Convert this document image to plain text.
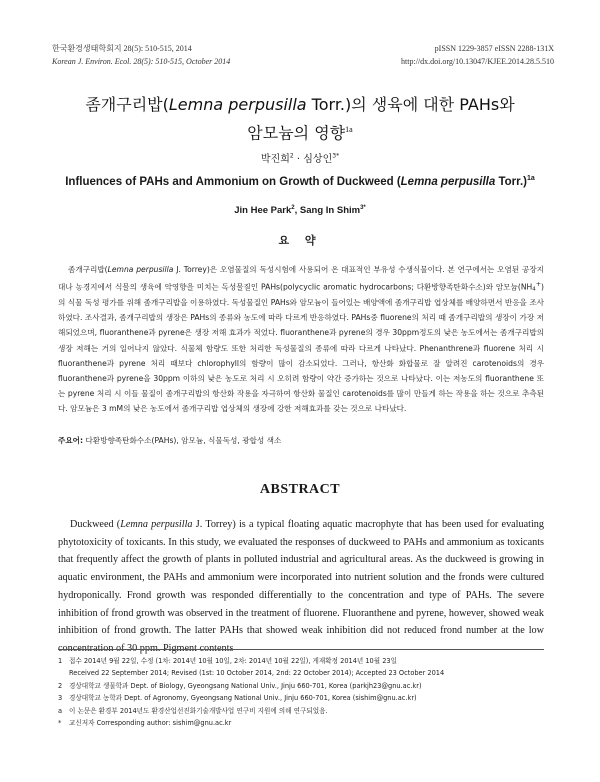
한국환경생태학회지 28(5): 510-515, 2014
Korean J. Environ. Ecol. 28(5): 510-515, October 2014
pISSN 1229-3857 eISSN 2288-131X
http://dx.doi.org/10.13047/KJEE.2014.28.5.510
좀개구리밥(Lemna perpusilla Torr.)의 생육에 대한 PAHs와
암모늄의 영향$^{1a}$
박진희$^2$ · 심상인$^{3*}$
Influences of PAHs and Ammonium on Growth of Duckweed (Lemna perpusilla Torr.)$^{1a}$
Jin Hee Park$^2$, Sang In Shim$^{3*}$
요 약
좀개구리밥(Lemna perpusilla J. Torrey)은 오염물질의 독성시험에 사용되어 온 대표적인 부유성 수생식물이다. 본 연구에서는 오염된 공장지대나 농경지에서 식물의 생육에 악영향을 미치는 독성물질인 PAHs(polycyclic aromatic hydrocarbons; 다환방향족탄화수소)와 암모늄$(NH_4^+)$의 식물 독성 평가를 위해 좀개구리밥을 이용하였다. 독성물질인 PAHs와 암모늄이 들어있는 배양액에 좀개구리밥 엽상체를 배양하면서 반응을 조사하였다. 조사결과, 좀개구리밥의 생장은 PAHs의 종류와 농도에 따라 다르게 반응하였다. PAHs중 fluorene의 처리 때 좀개구리밥의 생장이 가장 저해되었으며, fluoranthene과 pyrene은 생장 저해 효과가 적었다. fluoranthene과 pyrene의 경우 30ppm정도의 낮은 농도에서는 좀개구리밥의 생장 저해는 거의 일어나지 않았다. 식물체 함량도 또한 처리한 독성물질의 종류에 따라 다르게 나타났다. Phenanthrene과 fluorene 처리 시 fluoranthene과 pyrene 처리 때보다 chlorophyll의 함량이 많이 감소되었다. 그러나, 항산화 화합물로 잘 알려진 carotenoids의 경우 fluoranthene과 pyrene을 30ppm 이하의 낮은 농도로 처리 시 오히려 함량이 약간 증가하는 것으로 나타났다. 이는 저농도의 fluoranthene 또는 pyrene 처리 시 이들 물질이 좀개구리밥의 항산화 작용을 자극하여 항산화 물질인 carotenoids를 많이 만들게 하는 작용을 하는 것으로 추측된다. 암모늄은 3 mM의 낮은 농도에서 좀개구리밥 엽상체의 생장에 강한 저해효과를 갖는 것으로 나타났다.
주요어: 다환방향족탄화수소(PAHs), 암모늄, 식물독성, 광합성 색소
ABSTRACT
Duckweed (Lemna perpusilla J. Torrey) is a typical floating aquatic macrophyte that has been used for evaluating phytotoxicity of toxicants. In this study, we evaluated the responses of duckweed to PAHs and ammonium as toxicants that frequently affect the growth of plants in polluted industrial and agricultural areas. As the duckweed is growing in aquatic environment, the PAHs and ammonium were incorporated into nutrient solution and the fronds were cultured hydroponically. Frond growth was responded differentially to the concentration and type of PAHs. The severe inhibition of frond growth was observed in the treatment of fluorene. Fluoranthene and pyrene, however, showed weak inhibition of frond growth. The latter PAHs that showed weak inhibition did not reduced frond number at the low concentration of 30 ppm. Pigment contents
1	접수 2014년 9월 22일, 수정 (1차: 2014년 10월 10일, 2차: 2014년 10월 22일), 게재확정 2014년 10월 23일
Received 22 September 2014; Revised (1st: 10 October 2014, 2nd: 22 October 2014); Accepted 23 October 2014
2	경상대학교 생물학과 Dept. of Biology, Gyeongsang National Univ., Jinju 660-701, Korea (parkjh23@gnu.ac.kr)
3	경상대학교 농학과 Dept. of Agronomy, Gyeongsang National Univ., Jinju 660-701, Korea (sishim@gnu.ac.kr)
a	이 논문은 환경부 2014년도 환경산업선진화기술개발사업 연구비 지원에 의해 연구되었음.
*	교신저자 Corresponding author: sishim@gnu.ac.kr
